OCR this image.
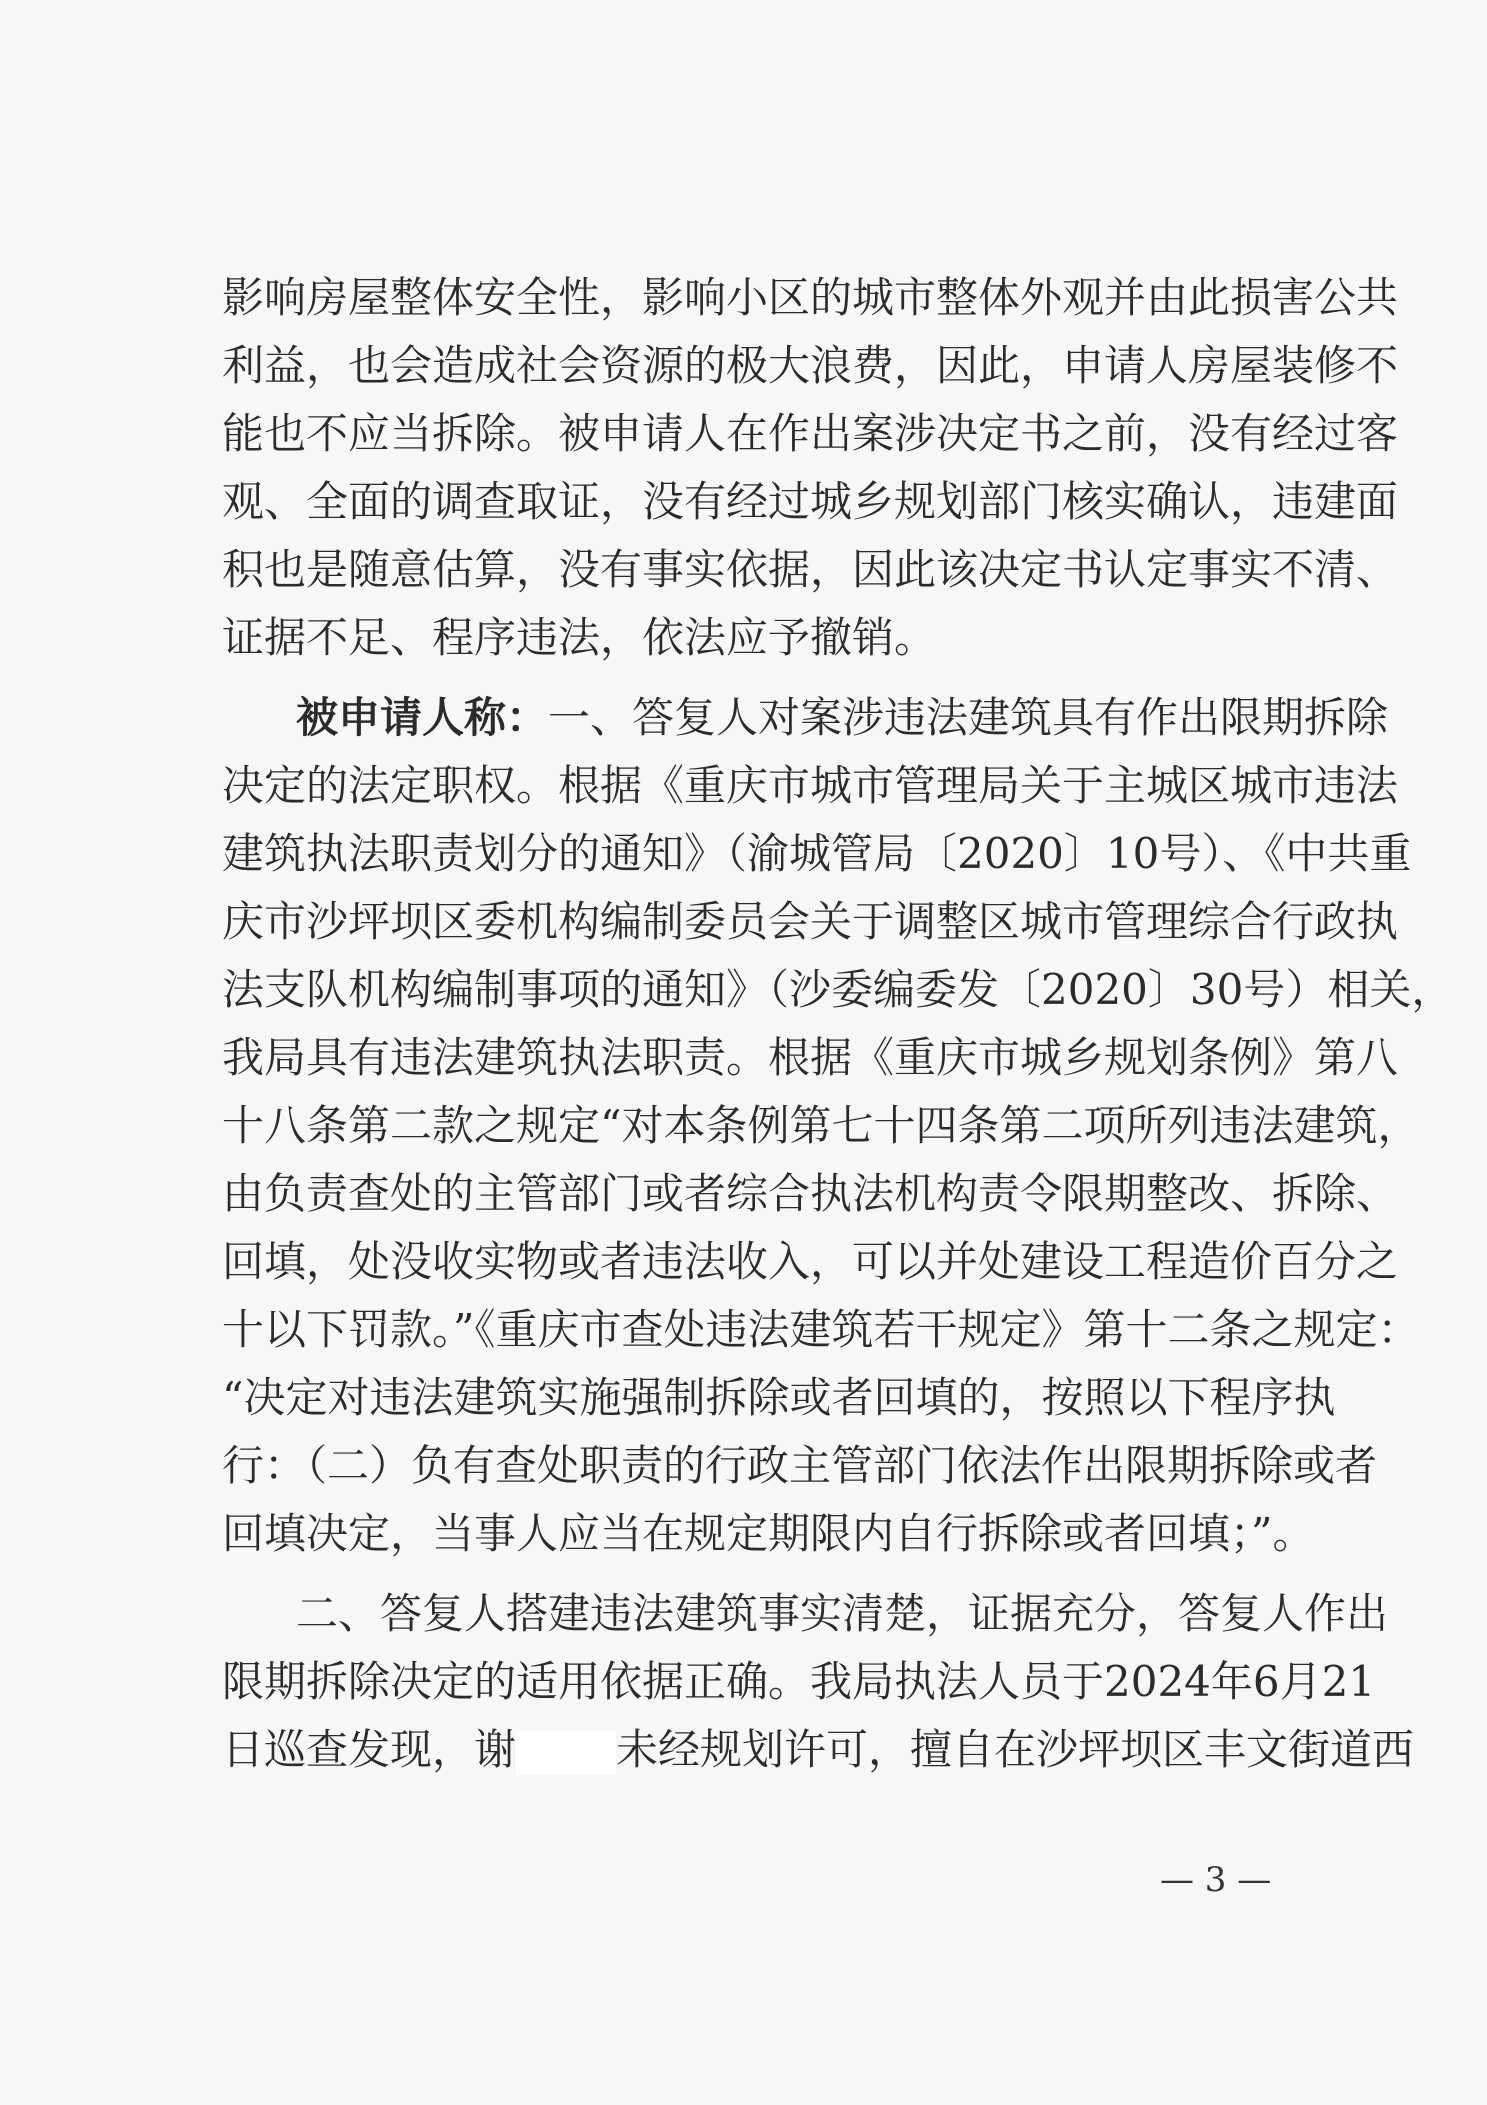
影响房屋整体安全性，影响小区的城市整体外观并由此损害公共
利益，也会造成社会资源的极大浪费，因此，申请人房屋装修不
能也不应当拆除。被申请人在作出案涉决定书之前，没有经过客
观、全面的调查取证，没有经过城乡规划部门核实确认，违建面
积也是随意估算，没有事实依据，因此该决定书认定事实不清、
证据不足、程序违法，依法应予撤销。
被申请人称：一、答复人对案涉违法建筑具有作出限期拆除
决定的法定职权。根据《重庆市城市管理局关于主城区城市违法
建筑执法职责划分的通知》（渝城管局〔2020〕10号）、《中共重
庆市沙坪坝区委机构编制委员会关于调整区城市管理综合行政执
法支队机构编制事项的通知》（沙委编委发〔2020〕30号）相关，
我局具有违法建筑执法职责。根据《重庆市城乡规划条例》第八
十八条第二款之规定“对本条例第七十四条第二项所列违法建筑，
由负责查处的主管部门或者综合执法机构责令限期整改、拆除、
回填，处没收实物或者违法收入，可以并处建设工程造价百分之
十以下罚款。”《重庆市查处违法建筑若干规定》第十二条之规定：
“决定对违法建筑实施强制拆除或者回填的，按照以下程序执
行：（二）负有查处职责的行政主管部门依法作出限期拆除或者
回填决定，当事人应当在规定期限内自行拆除或者回填；”。
二、答复人搭建违法建筑事实清楚，证据充分，答复人作出
限期拆除决定的适用依据正确。我局执法人员于2024年6月21
日巡查发现，谢 未经规划许可，擅自在沙坪坝区丰文街道西
— 3 —
